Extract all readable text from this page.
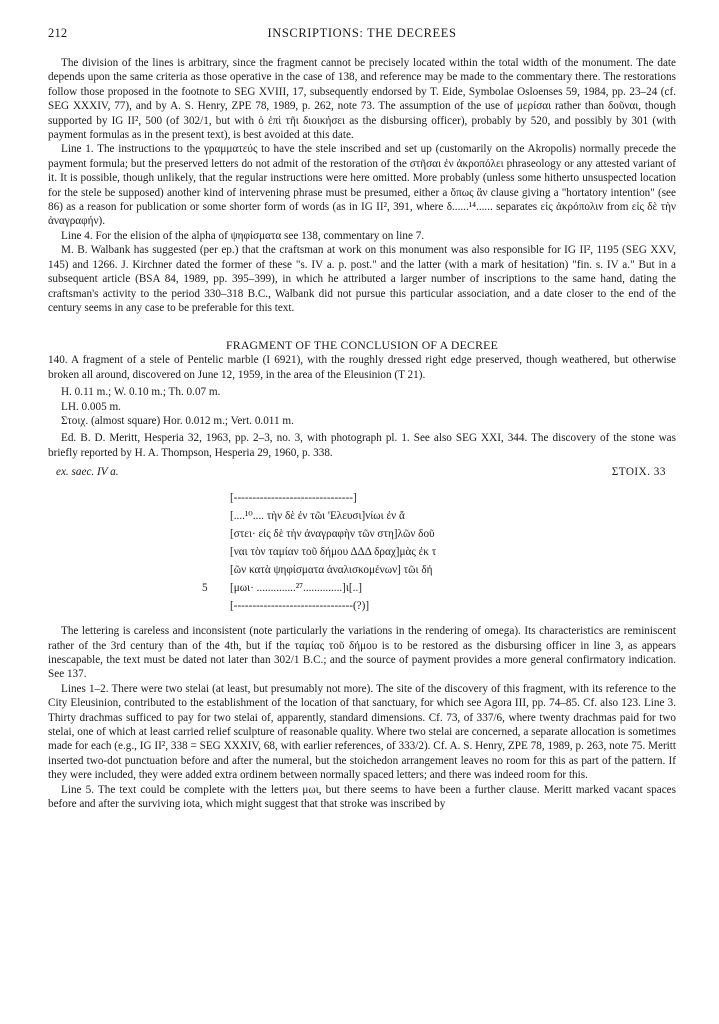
212	INSCRIPTIONS: THE DECREES

The division of the lines is arbitrary, since the fragment cannot be precisely located within the total width of the monument. The date depends upon the same criteria as those operative in the case of 138, and reference may be made to the commentary there. The restorations follow those proposed in the footnote to SEG XVIII, 17, subsequently endorsed by T. Eide, Symbolae Osloenses 59, 1984, pp. 23–24 (cf. SEG XXXIV, 77), and by A. S. Henry, ZPE 78, 1989, p. 262, note 73. The assumption of the use of μερίσαι rather than δοῦναι, though supported by IG II², 500 (of 302/1, but with ὁ ἐπὶ τῆι διοικήσει as the disbursing officer), probably by 520, and possibly by 301 (with payment formulas as in the present text), is best avoided at this date.

Line 1. The instructions to the γραμματεύς to have the stele inscribed and set up (customarily on the Akropolis) normally precede the payment formula; but the preserved letters do not admit of the restoration of the στῆσαι ἐν ἀκροπόλει phraseology or any attested variant of it. It is possible, though unlikely, that the regular instructions were here omitted. More probably (unless some hitherto unsuspected location for the stele be supposed) another kind of intervening phrase must be presumed, either a ὅπως ἂν clause giving a "hortatory intention" (see 86) as a reason for publication or some shorter form of words (as in IG II², 391, where δ......¹⁴...... separates εἰς ἀκρόπολιν from εἰς δὲ τὴν ἀναγραφήν).

Line 4. For the elision of the alpha of ψηφίσματα see 138, commentary on line 7.

M. B. Walbank has suggested (per ep.) that the craftsman at work on this monument was also responsible for IG II², 1195 (SEG XXV, 145) and 1266. J. Kirchner dated the former of these "s. IV a. p. post." and the latter (with a mark of hesitation) "fin. s. IV a." But in a subsequent article (BSA 84, 1989, pp. 395–399), in which he attributed a larger number of inscriptions to the same hand, dating the craftsman's activity to the period 330–318 B.C., Walbank did not pursue this particular association, and a date closer to the end of the century seems in any case to be preferable for this text.

FRAGMENT OF THE CONCLUSION OF A DECREE

140. A fragment of a stele of Pentelic marble (I 6921), with the roughly dressed right edge preserved, though weathered, but otherwise broken all around, discovered on June 12, 1959, in the area of the Eleusinion (T 21).

H. 0.11 m.; W. 0.10 m.; Th. 0.07 m.
LH. 0.005 m.
Στοιχ. (almost square) Hor. 0.012 m.; Vert. 0.011 m.

Ed. B. D. Meritt, Hesperia 32, 1963, pp. 2–3, no. 3, with photograph pl. 1. See also SEG XXI, 344. The discovery of the stone was briefly reported by H. A. Thompson, Hesperia 29, 1960, p. 338.

ex. saec. IV a.	ΣΤΟΙΧ. 33
[--------------------------------]
[....¹⁰.... τὴν δὲ ἐν τῶι 'Ελευσι]νίωι ἐν ἄ
[στει· εἰς δὲ τὴν ἀναγραφὴν τῶν στη]λῶν δοῦ
[ναι τὸν ταμίαν τοῦ δήμου ΔΔΔ δραχ]μὰς ἐκ τ
[ῶν κατὰ ψηφίσματα ἀναλισκομένων] τῶι δή
[μωι· ..............²⁷..............]ι[..]
5
[--------------------------------(?)]

The lettering is careless and inconsistent (note particularly the variations in the rendering of omega). Its characteristics are reminiscent rather of the 3rd century than of the 4th, but if the ταμίας τοῦ δήμου is to be restored as the disbursing officer in line 3, as appears inescapable, the text must be dated not later than 302/1 B.C.; and the source of payment provides a more general confirmatory indication. See 137.

Lines 1–2. There were two stelai (at least, but presumably not more). The site of the discovery of this fragment, with its reference to the City Eleusinion, contributed to the establishment of the location of that sanctuary, for which see Agora III, pp. 74–85. Cf. also 123. Line 3. Thirty drachmas sufficed to pay for two stelai of, apparently, standard dimensions. Cf. 73, of 337/6, where twenty drachmas paid for two stelai, one of which at least carried relief sculpture of reasonable quality. Where two stelai are concerned, a separate allocation is sometimes made for each (e.g., IG II², 338 = SEG XXXIV, 68, with earlier references, of 333/2). Cf. A. S. Henry, ZPE 78, 1989, p. 263, note 75. Meritt inserted two-dot punctuation before and after the numeral, but the stoichedon arrangement leaves no room for this as part of the pattern. If they were included, they were added extra ordinem between normally spaced letters; and there was indeed room for this.

Line 5. The text could be complete with the letters μωι, but there seems to have been a further clause. Meritt marked vacant spaces before and after the surviving iota, which might suggest that that stroke was inscribed by
